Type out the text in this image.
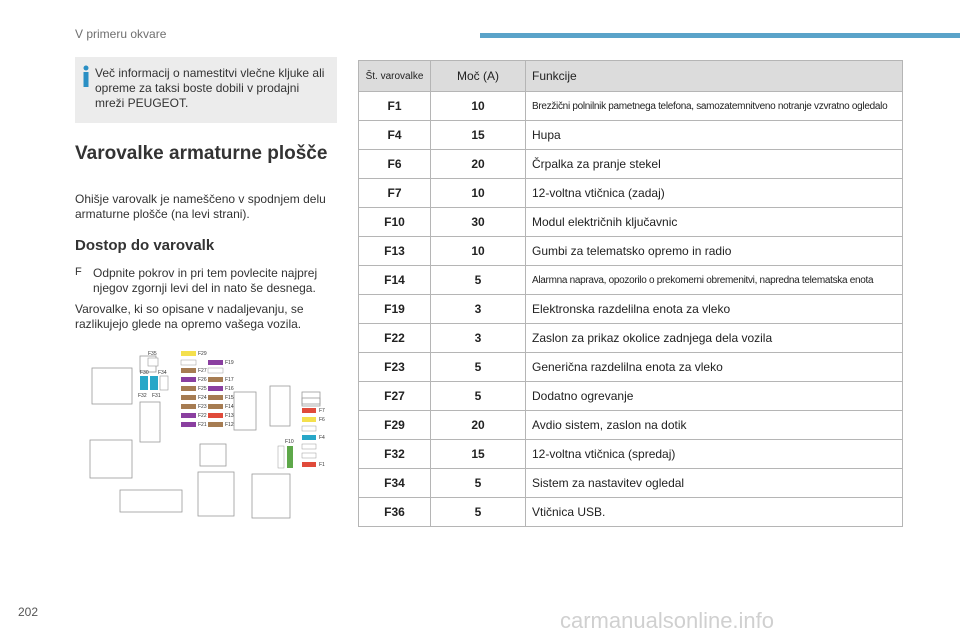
V primeru okvare
Več informacij o namestitvi vlečne kljuke ali opreme za taksi boste dobili v prodajni mreži PEUGEOT.
Varovalke armaturne plošče
Ohišje varovalk je nameščeno v spodnjem delu armaturne plošče (na levi strani).
Dostop do varovalk
F Odpnite pokrov in pri tem povlecite najprej njegov zgornji levi del in nato še desnega.
Varovalke, ki so opisane v nadaljevanju, se razlikujejo glede na opremo vašega vozila.
F35
F30 F34
F32 F31
F29
F19
F27
F26	F17
F25	F16
F24	F15
F23	F14
F22	F13
F21	F12
F7
F6
F4
F10
F1
Št. varovalke	Moč (A)	Funkcije
F1	10	Brezžični polnilnik pametnega telefona, samozatemnitveno notranje vzvratno ogledalo
F4	15	Hupa
F6	20	Črpalka za pranje stekel
F7	10	12-voltna vtičnica (zadaj)
F10	30	Modul električnih ključavnic
F13	10	Gumbi za telematsko opremo in radio
F14	5	Alarmna naprava, opozorilo o prekomerni obremenitvi, napredna telematska enota
F19	3	Elektronska razdelilna enota za vleko
F22	3	Zaslon za prikaz okolice zadnjega dela vozila
F23	5	Generična razdelilna enota za vleko
F27	5	Dodatno ogrevanje
F29	20	Avdio sistem, zaslon na dotik
F32	15	12-voltna vtičnica (spredaj)
F34	5	Sistem za nastavitev ogledal
F36	5	Vtičnica USB.
202	carmanualsonline.info
